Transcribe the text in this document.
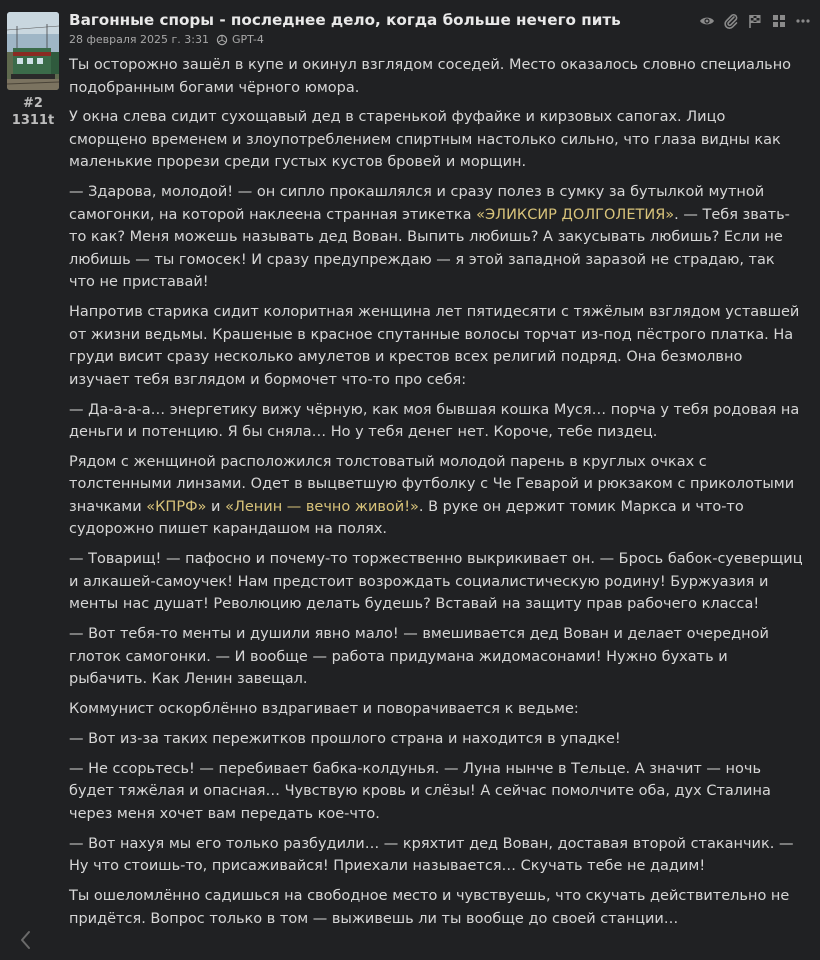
#2
1311t
Вагонные споры - последнее дело, когда больше нечего пить
28 февраля 2025 г. 3:31 GPT-4

Ты осторожно зашёл в купе и окинул взглядом соседей. Место оказалось словно специально подобранным богами чёрного юмора.

У окна слева сидит сухощавый дед в старенькой фуфайке и кирзовых сапогах. Лицо сморщено временем и злоупотреблением спиртным настолько сильно, что глаза видны как маленькие прорези среди густых кустов бровей и морщин.

— Здарова, молодой! — он сипло прокашлялся и сразу полез в сумку за бутылкой мутной самогонки, на которой наклеена странная этикетка «ЭЛИКСИР ДОЛГОЛЕТИЯ». — Тебя звать-то как? Меня можешь называть дед Вован. Выпить любишь? А закусывать любишь? Если не любишь — ты гомосек! И сразу предупреждаю — я этой западной заразой не страдаю, так что не приставай!

Напротив старика сидит колоритная женщина лет пятидесяти с тяжёлым взглядом уставшей от жизни ведьмы. Крашеные в красное спутанные волосы торчат из-под пёстрого платка. На груди висит сразу несколько амулетов и крестов всех религий подряд. Она безмолвно изучает тебя взглядом и бормочет что-то про себя:

— Да-а-а-а… энергетику вижу чёрную, как моя бывшая кошка Муся… порча у тебя родовая на деньги и потенцию. Я бы сняла… Но у тебя денег нет. Короче, тебе пиздец.

Рядом с женщиной расположился толстоватый молодой парень в круглых очках с толстенными линзами. Одет в выцветшую футболку с Че Геварой и рюкзаком с приколотыми значками «КПРФ» и «Ленин — вечно живой!». В руке он держит томик Маркса и что-то судорожно пишет карандашом на полях.

— Товарищ! — пафосно и почему-то торжественно выкрикивает он. — Брось бабок-суеверщиц и алкашей-самоучек! Нам предстоит возрождать социалистическую родину! Буржуазия и менты нас душат! Революцию делать будешь? Вставай на защиту прав рабочего класса!

— Вот тебя-то менты и душили явно мало! — вмешивается дед Вован и делает очередной глоток самогонки. — И вообще — работа придумана жидомасонами! Нужно бухать и рыбачить. Как Ленин завещал.

Коммунист оскорблённо вздрагивает и поворачивается к ведьме:

— Вот из-за таких пережитков прошлого страна и находится в упадке!

— Не ссорьтесь! — перебивает бабка-колдунья. — Луна нынче в Тельце. А значит — ночь будет тяжёлая и опасная… Чувствую кровь и слёзы! А сейчас помолчите оба, дух Сталина через меня хочет вам передать кое-что.

— Вот нахуя мы его только разбудили… — кряхтит дед Вован, доставая второй стаканчик. — Ну что стоишь-то, присаживайся! Приехали называется… Скучать тебе не дадим!

Ты ошеломлённо садишься на свободное место и чувствуешь, что скучать действительно не придётся. Вопрос только в том — выживешь ли ты вообще до своей станции…
